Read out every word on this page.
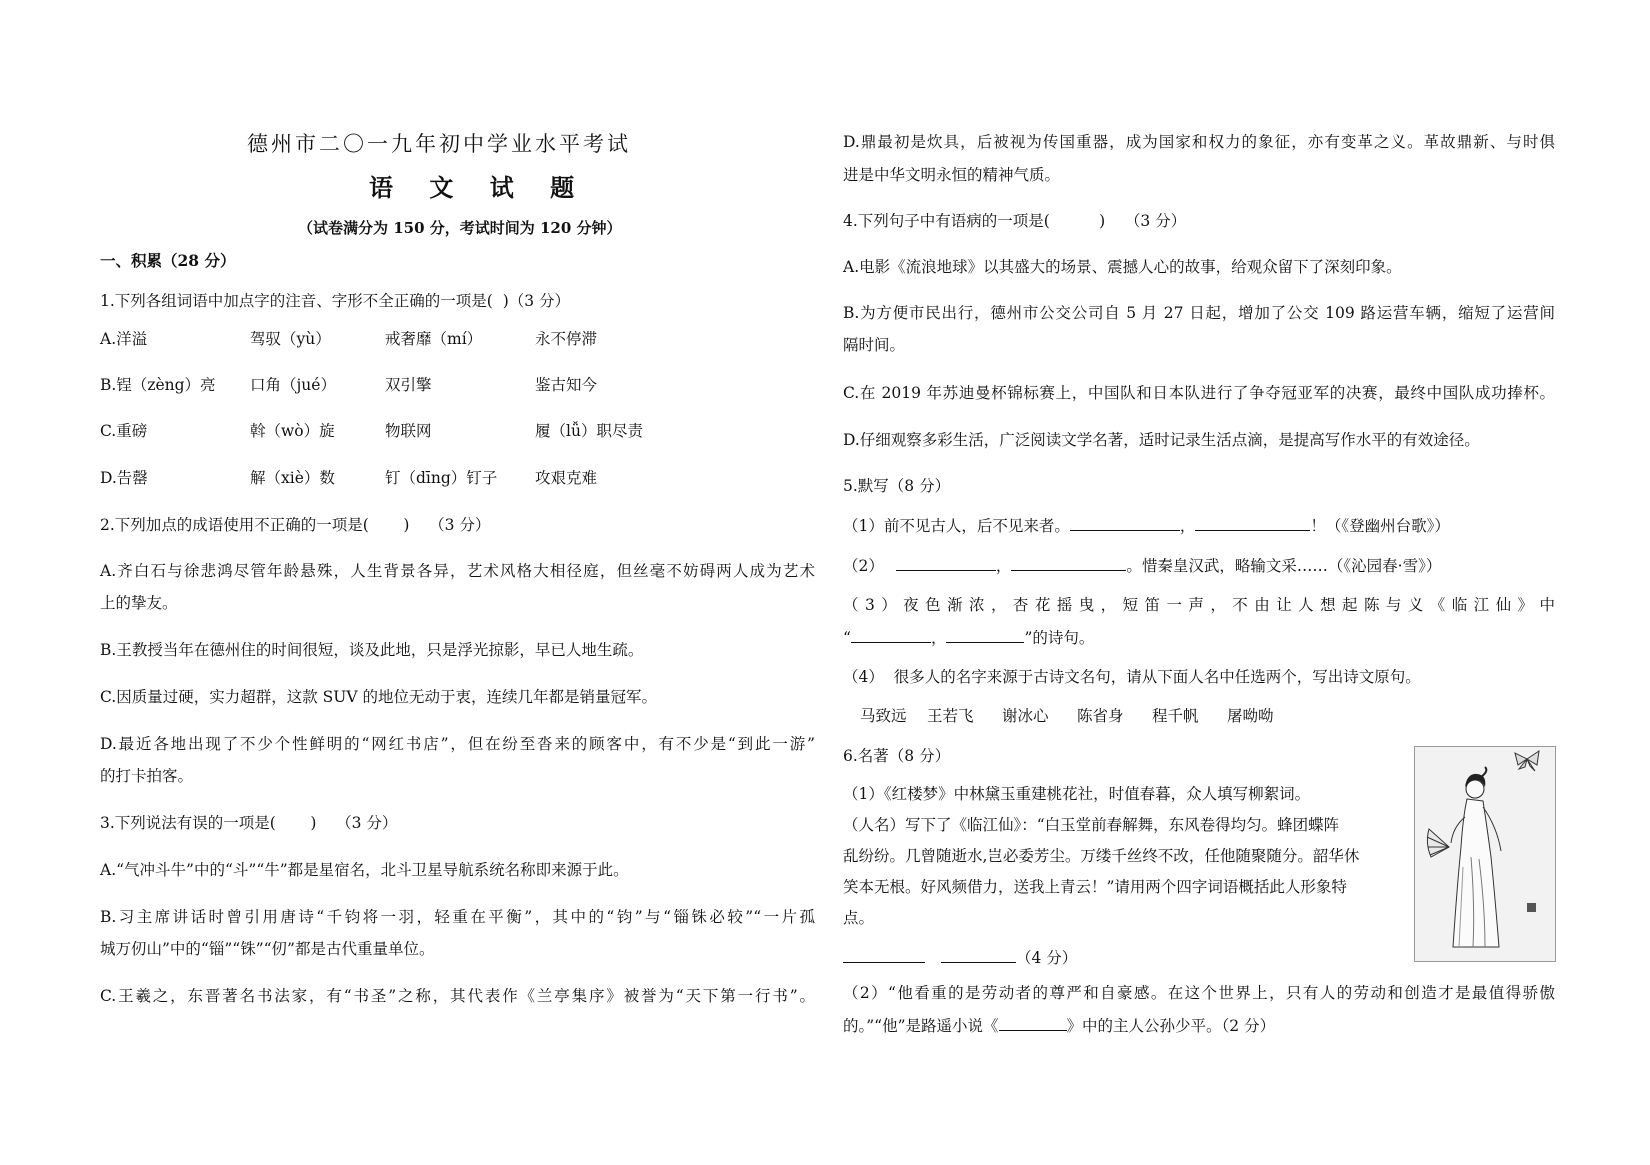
德州市二〇一九年初中学业水平考试
语 文 试 题
（试卷满分为 150 分，考试时间为 120 分钟）
一、积累（28 分）
1.下列各组词语中加点字的注音、字形不全正确的一项是(  )（3 分）
A.洋溢	驾驭（yù）	戒奢靡（mí）	永不停滞
B.锃（zèng）亮 口角（jué）	双引擎	鉴古知今
C.重磅	斡（wò）旋	物联网	履（lǚ）职尽责
D.告罄	解（xiè）数	钉（dīng）钉子 攻艰克难
2.下列加点的成语使用不正确的一项是(       )    （3 分）
A.齐白石与徐悲鸿尽管年龄悬殊，人生背景各异，艺术风格大相径庭，但丝毫不妨碍两人成为艺术
上的挚友。
B.王教授当年在德州住的时间很短，谈及此地，只是浮光掠影，早已人地生疏。
C.因质量过硬，实力超群，这款 SUV 的地位无动于衷，连续几年都是销量冠军。
D.最近各地出现了不少个性鲜明的“网红书店”，但在纷至沓来的顾客中，有不少是“到此一游”
的打卡拍客。
3.下列说法有误的一项是(       )    （3 分）
A.“气冲斗牛”中的“斗”“牛”都是星宿名，北斗卫星导航系统名称即来源于此。
B.习主席讲话时曾引用唐诗“千钧将一羽，轻重在平衡”，其中的“钧”与“锱铢必较”“一片孤
城万仞山”中的“锱”“铢”“仞”都是古代重量单位。
C.王羲之，东晋著名书法家，有“书圣”之称，其代表作《兰亭集序》被誉为“天下第一行书”。
D.鼎最初是炊具，后被视为传国重器，成为国家和权力的象征，亦有变革之义。革故鼎新、与时俱
进是中华文明永恒的精神气质。
4.下列句子中有语病的一项是(          )    （3 分）
A.电影《流浪地球》以其盛大的场景、震撼人心的故事，给观众留下了深刻印象。
B.为方便市民出行，德州市公交公司自 5 月 27 日起，增加了公交 109 路运营车辆，缩短了运营间
隔时间。
C.在 2019 年苏迪曼杯锦标赛上，中国队和日本队进行了争夺冠亚军的决赛，最终中国队成功捧杯。
D.仔细观察多彩生活，广泛阅读文学名著，适时记录生活点滴，是提高写作水平的有效途径。
5.默写（8 分）
（1）前不见古人，后不见来者。	，	！（《登幽州台歌》）
（2）	，	。惜秦皇汉武，略输文采……（《沁园春·雪》）
（3）夜色渐浓，杏花摇曳，短笛一声，不由让人想起陈与义《临江仙》中
“	，	”的诗句。
（4）  很多人的名字来源于古诗文名句，请从下面人名中任选两个，写出诗文原句。
马致远 王若飞 谢冰心 陈省身 程千帆 屠呦呦
6.名著（8 分）
（1）《红楼梦》中林黛玉重建桃花社，时值春暮，众人填写柳絮词。
（人名）写下了《临江仙》：“白玉堂前春解舞，东风卷得均匀。蜂团蝶阵
乱纷纷。几曾随逝水,岂必委芳尘。万缕千丝终不改，任他随聚随分。韶华休
笑本无根。好风频借力，送我上青云！”请用两个四字词语概括此人形象特
点。
（4 分）
（2）“他看重的是劳动者的尊严和自豪感。在这个世界上，只有人的劳动和创造才是最值得骄傲
的。”“他”是路遥小说《	》中的主人公孙少平。（2 分）
